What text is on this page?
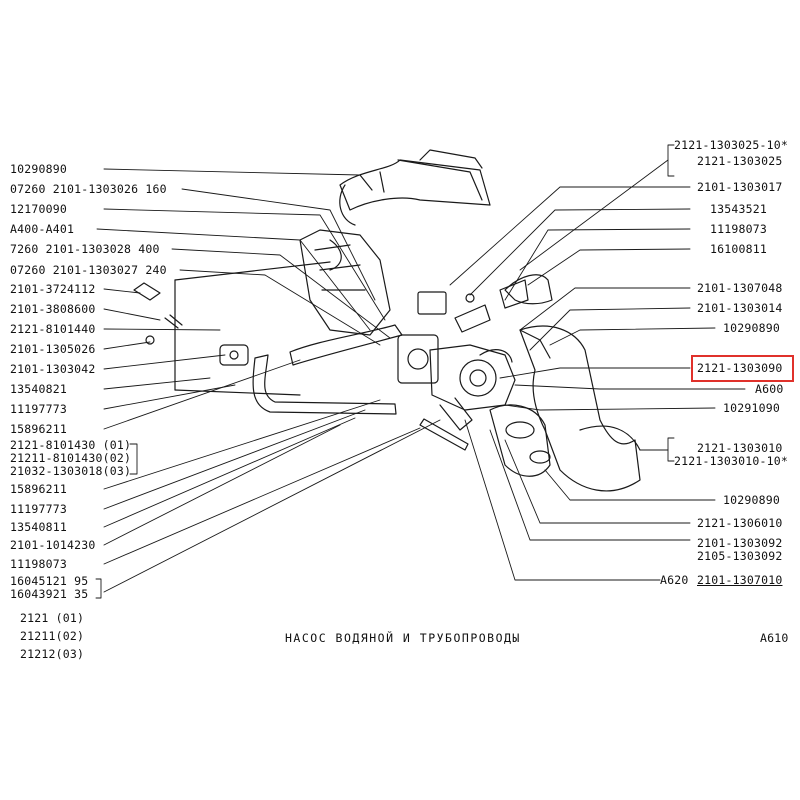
10290890
07260 2101-1303026 160
12170090
A400-A401
7260 2101-1303028 400
07260 2101-1303027 240
2101-3724112
2101-3808600
2121-8101440
2101-1305026
2101-1303042
13540821
11197773
15896211
2121-8101430 (01)
21211-8101430(02)
21032-1303018(03)
15896211
11197773
13540811
2101-1014230
11198073
16045121 95
16043921 35
2121-1303025-10*
2121-1303025
2101-1303017
13543521
11198073
16100811
2101-1307048
2101-1303014
10290890
2121-1303090
A600
10291090
2121-1303010
2121-1303010-10*
10290890
2121-1306010
2101-1303092
2105-1303092
A620 2101-1307010
2121 (01)
21211(02)
21212(03)
НАСОС ВОДЯНОЙ И ТРУБОПРОВОДЫ	A610
